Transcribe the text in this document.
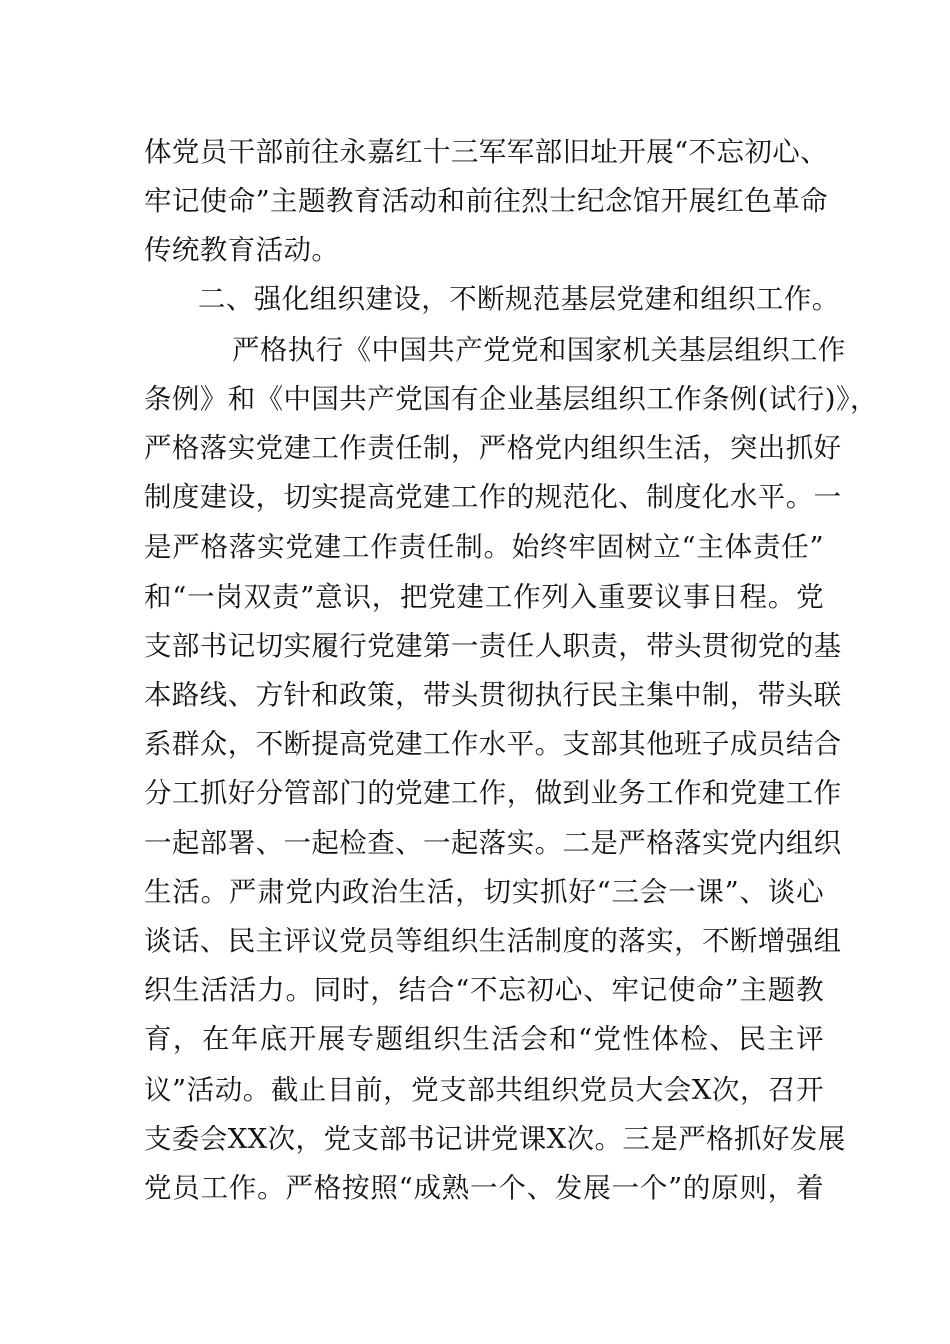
体党员干部前往永嘉红十三军军部旧址开展“不忘初心、
牢记使命”主题教育活动和前往烈士纪念馆开展红色革命
传统教育活动。
二、强化组织建设，不断规范基层党建和组织工作。
严格执行《中国共产党党和国家机关基层组织工作
条例》和《中国共产党国有企业基层组织工作条例(试行)》，
严格落实党建工作责任制，严格党内组织生活，突出抓好
制度建设，切实提高党建工作的规范化、制度化水平。一
是严格落实党建工作责任制。始终牢固树立“主体责任”
和“一岗双责”意识，把党建工作列入重要议事日程。党
支部书记切实履行党建第一责任人职责，带头贯彻党的基
本路线、方针和政策，带头贯彻执行民主集中制，带头联
系群众，不断提高党建工作水平。支部其他班子成员结合
分工抓好分管部门的党建工作，做到业务工作和党建工作
一起部署、一起检查、一起落实。二是严格落实党内组织
生活。严肃党内政治生活，切实抓好“三会一课”、谈心
谈话、民主评议党员等组织生活制度的落实，不断增强组
织生活活力。同时，结合“不忘初心、牢记使命”主题教
育，在年底开展专题组织生活会和“党性体检、民主评
议”活动。截止目前，党支部共组织党员大会X次，召开
支委会XX次，党支部书记讲党课X次。三是严格抓好发展
党员工作。严格按照“成熟一个、发展一个”的原则，着
